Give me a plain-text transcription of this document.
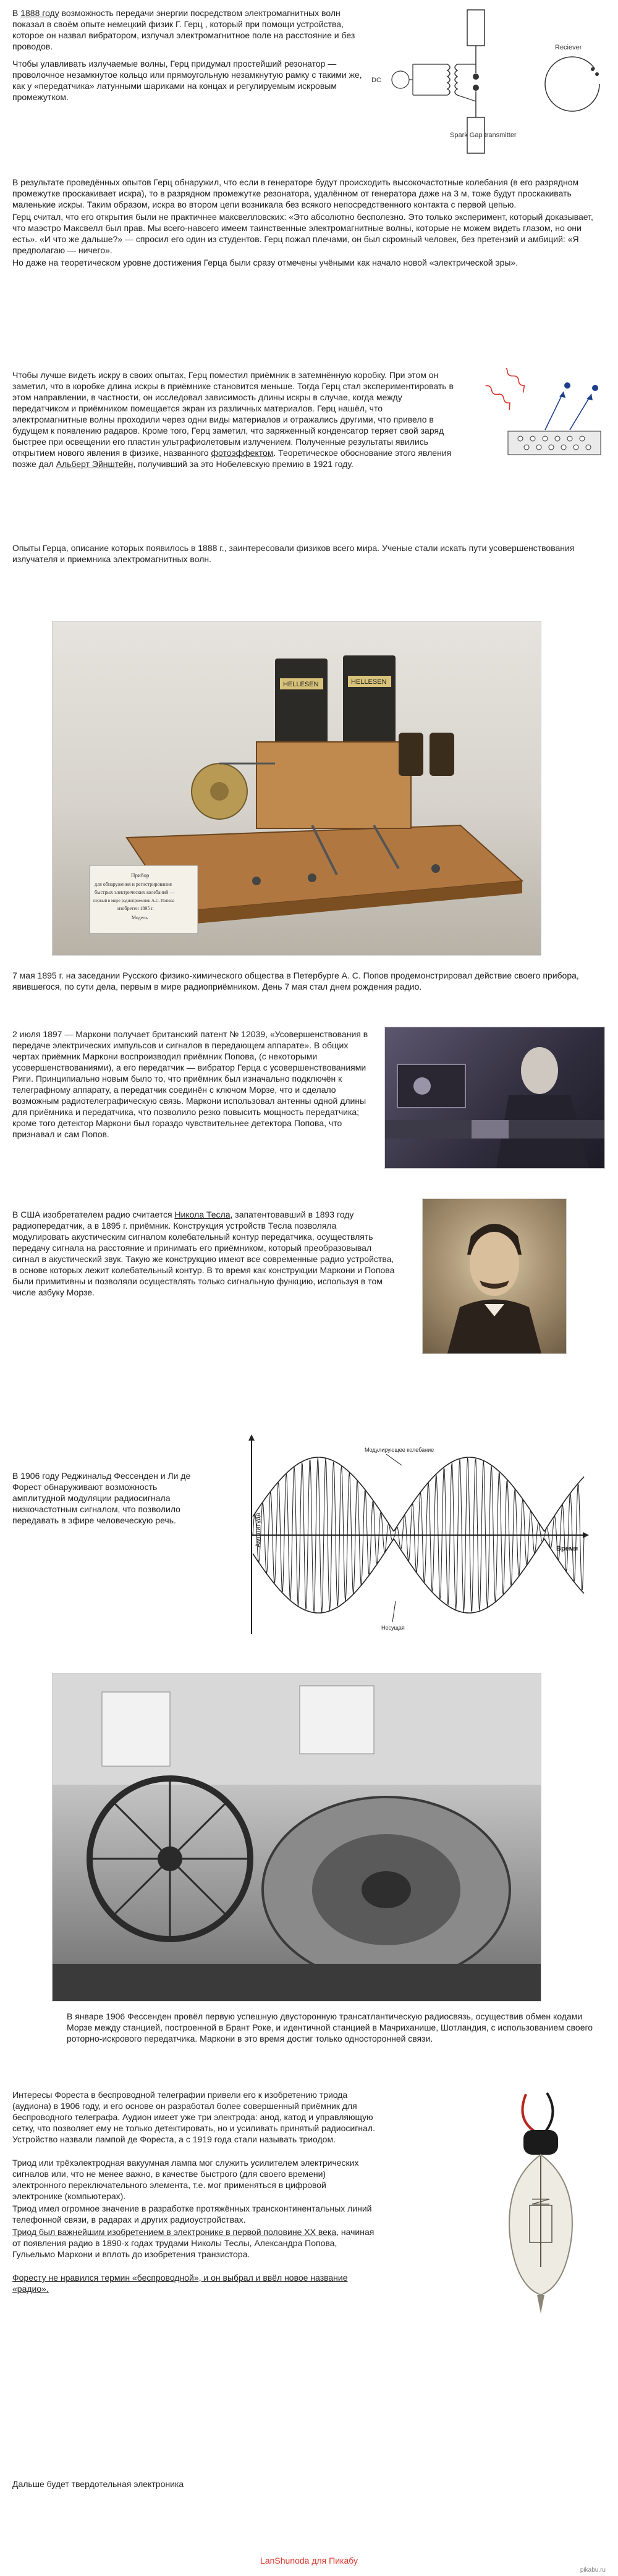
В 1888 году возможность передачи энергии посредством электромагнитных волн показал в своём опыте немецкий физик Г. Герц , который при помощи устройства, которое он назвал вибратором, излучал электромагнитное поле на расстояние и без проводов.

Чтобы улавливать излучаемые волны, Герц придумал простейший резонатор — проволочное незамкнутое кольцо или прямоугольную незамкнутую рамку с такими же, как у «передатчика» латунными шариками на концах и регулируемым искровым промежутком.

DC
Spark Gap transmitter
Reciever

В результате проведённых опытов Герц обнаружил, что если в генераторе будут происходить высокочастотные колебания (в его разрядном промежутке проскакивает искра), то в разрядном промежутке резонатора, удалённом от генератора даже на 3 м, тоже будут проскакивать маленькие искры. Таким образом, искра во втором цепи возникала без всякого непосредственного контакта с первой цепью.

Герц считал, что его открытия были не практичнее максвелловских: «Это абсолютно бесполезно. Это только эксперимент, который доказывает, что маэстро Максвелл был прав. Мы всего-навсего имеем таинственные электромагнитные волны, которые не можем видеть глазом, но они есть». «И что же дальше?» — спросил его один из студентов. Герц пожал плечами, он был скромный человек, без претензий и амбиций: «Я предполагаю — ничего».

Но даже на теоретическом уровне достижения Герца были сразу отмечены учёными как начало новой «электрической эры».

Чтобы лучше видеть искру в своих опытах, Герц поместил приёмник в затемнённую коробку. При этом он заметил, что в коробке длина искры в приёмнике становится меньше. Тогда Герц стал экспериментировать в этом направлении, в частности, он исследовал зависимость длины искры в случае, когда между передатчиком и приёмником помещается экран из различных материалов. Герц нашёл, что электромагнитные волны проходили через одни виды материалов и отражались другими, что привело в будущем к появлению радаров. Кроме того, Герц заметил, что заряженный конденсатор теряет свой заряд быстрее при освещении его пластин ультрафиолетовым излучением. Полученные результаты явились открытием нового явления в физике, названного фотоэффектом. Теоретическое обоснование этого явления позже дал Альберт Эйнштейн, получивший за это Нобелевскую премию в 1921 году.

Опыты Герца, описание которых появилось в 1888 г., заинтересовали физиков всего мира. Ученые стали искать пути усовершенствования излучателя и приемника электромагнитных волн.

HELLESEN	HELLESEN
Прибор
для обнаружения и регистрирования
быстрых электрических колебаний —
первый в мире радиоприемник А.С. Попова
изобретен 1895 г.
Модель

7 мая 1895 г. на заседании Русского физико-химического общества в Петербурге А. С. Попов продемонстрировал действие своего прибора, явившегося, по сути дела, первым в мире радиоприёмником. День 7 мая стал днем рождения радио.

2 июля 1897 — Маркони получает британский патент № 12039, «Усовершенствования в передаче электрических импульсов и сигналов в передающем аппарате». В общих чертах приёмник Маркони воспроизводил приёмник Попова, (с некоторыми усовершенствованиями), а его передатчик — вибратор Герца с усовершенствованиями Риги. Принципиально новым было то, что приёмник был изначально подключён к телеграфному аппарату, а передатчик соединён с ключом Морзе, что и сделало возможным радиотелеграфическую связь. Маркони использовал антенны одной длины для приёмника и передатчика, что позволило резко повысить мощность передатчика; кроме того детектор Маркони был гораздо чувствительнее детектора Попова, что признавал и сам Попов.

В США изобретателем радио считается Никола Тесла, запатентовавший в 1893 году радиопередатчик, а в 1895 г. приёмник. Конструкция устройств Тесла позволяла модулировать акустическим сигналом колебательный контур передатчика, осуществлять передачу сигнала на расстояние и принимать его приёмником, который преобразовывал сигнал в акустический звук. Такую же конструкцию имеют все современные радио устройства, в основе которых лежит колебательный контур. В то время как конструкции Маркони и Попова были примитивны и позволяли осуществлять только сигнальную функцию, используя в том числе азбуку Морзе.

В 1906 году Реджинальд Фессенден и Ли де Форест обнаруживают возможность амплитудной модуляции радиосигнала низкочастотным сигналом, что позволило передавать в эфире человеческую речь.	Амплитуда
Время
Модулирующее колебание
Несущая

В январе 1906 Фессенден провёл первую успешную двусторонную трансатлантическую радиосвязь, осуществив обмен кодами Морзе между станцией, построенной в Брант Роке, и идентичной станцией в Мачриханише, Шотландия, с использованием своего роторно-искрового передатчика. Маркони в это время достиг только односторонней связи.

Интересы Фореста в беспроводной телеграфии привели его к изобретению триода (аудиона) в 1906 году, и его основе он разработал более совершенный приёмник для беспроводного телеграфа. Аудион имеет уже три электрода: анод, катод и управляющую сетку, что позволяет ему не только детектировать, но и усиливать принятый радиосигнал. Устройство назвали лампой де Фореста, а с 1919 года стали называть триодом.

Триод или трёхэлектродная вакуумная лампа мог служить усилителем электрических сигналов или, что не менее важно, в качестве быстрого (для своего времени) электронного переключательного элемента, т.е. мог применяться в цифровой электронике (компьютерах).

Триод имел огромное значение в разработке протяжённых трансконтинентальных линий телефонной связи, в радарах и других радиоустройствах.

Триод был важнейшим изобретением в электронике в первой половине XX века, начиная от появления радио в 1890-х годах трудами Николы Теслы, Александра Попова, Гульельмо Маркони и вплоть до изобретения транзистора.

Форесту не нравился термин «беспроводной», и он выбрал и ввёл новое название «радио».

Дальше будет твердотельная электроника

LanShunoda для Пикабу
pikabu.ru
